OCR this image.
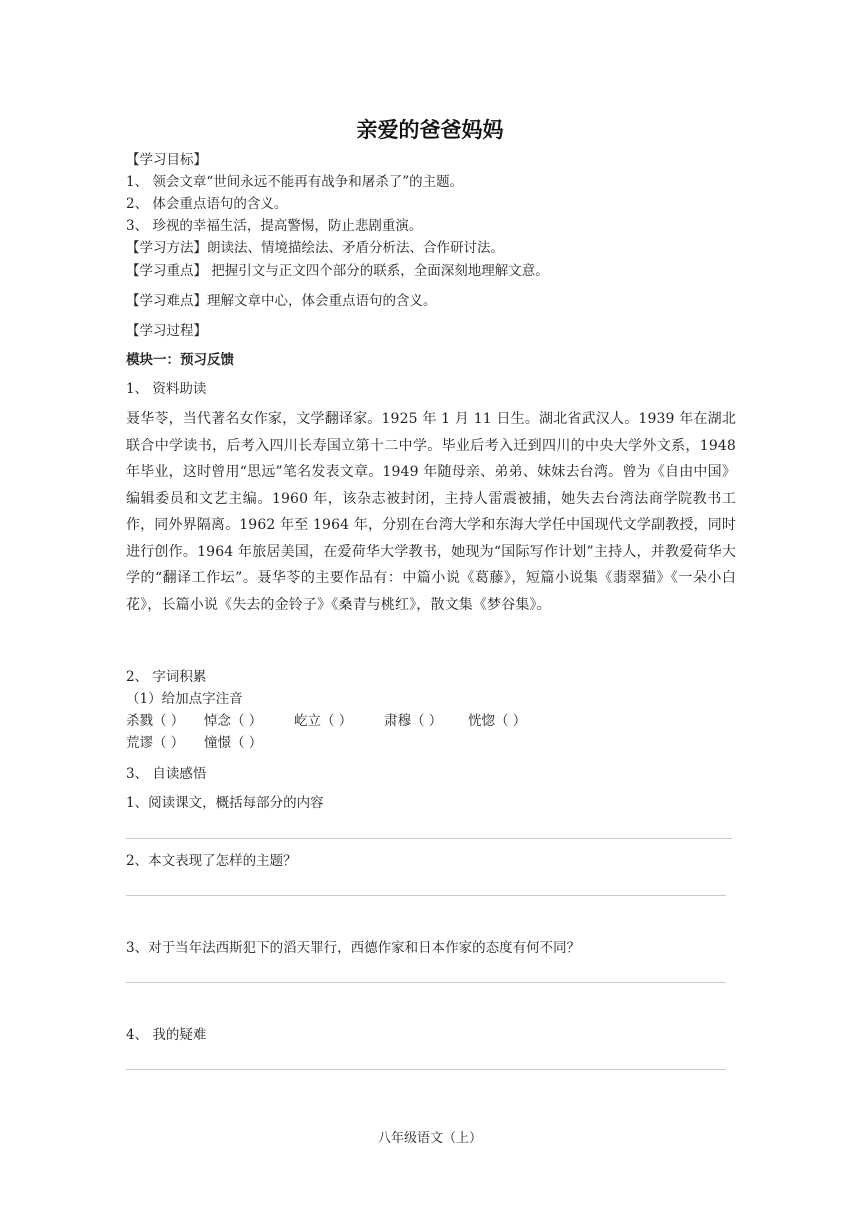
亲爱的爸爸妈妈
【学习目标】
1、 领会文章“世间永远不能再有战争和屠杀了”的主题。
2、 体会重点语句的含义。
3、 珍视的幸福生活，提高警惕，防止悲剧重演。
【学习方法】朗读法、情境描绘法、矛盾分析法、合作研讨法。
【学习重点】 把握引文与正文四个部分的联系，全面深刻地理解文意。
【学习难点】理解文章中心，体会重点语句的含义。
【学习过程】
模块一：预习反馈
1、 资料助读
聂华苓，当代著名女作家，文学翻译家。1925 年 1 月 11 日生。湖北省武汉人。1939 年在湖北联合中学读书，后考入四川长寿国立第十二中学。毕业后考入迁到四川的中央大学外文系，1948 年毕业，这时曾用“思远”笔名发表文章。1949 年随母亲、弟弟、妹妹去台湾。曾为《自由中国》编辑委员和文艺主编。1960 年，该杂志被封闭，主持人雷震被捕，她失去台湾法商学院教书工作，同外界隔离。1962 年至 1964 年，分别在台湾大学和东海大学任中国现代文学副教授，同时进行创作。1964 年旅居美国，在爱荷华大学教书，她现为“国际写作计划”主持人，并教爱荷华大学的“翻译工作坛”。聂华苓的主要作品有：中篇小说《葛藤》，短篇小说集《翡翠猫》《一朵小白花》，长篇小说《失去的金铃子》《桑青与桃红》，散文集《梦谷集》。
2、 字词积累
（1）给加点字注音
杀戮（ ） 悼念（ ） 屹立（ ） 肃穆（ ） 恍惚（ ）
荒谬（ ） 憧憬（ ）
3、 自读感悟
1、阅读课文，概括每部分的内容
2、本文表现了怎样的主题？
3、对于当年法西斯犯下的滔天罪行，西德作家和日本作家的态度有何不同？
4、 我的疑难
八年级语文（上）
